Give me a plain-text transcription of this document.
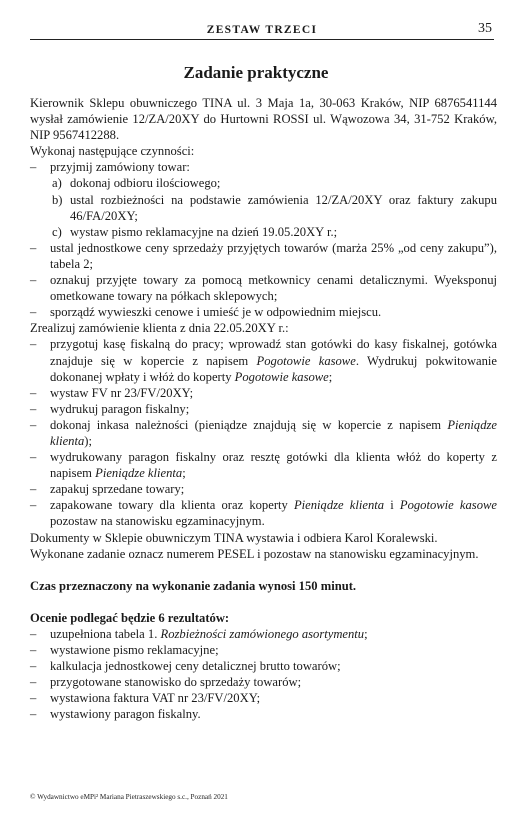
ZESTAW TRZECI	35
Zadanie praktyczne

Kierownik Sklepu obuwniczego TINA ul. 3 Maja 1a, 30-063 Kraków, NIP 6876541144 wysłał zamówienie 12/ZA/20XY do Hurtowni ROSSI ul. Wąwozowa 34, 31-752 Kraków, NIP 9567412288.

Wykonaj następujące czynności:

– przyjmij zamówiony towar:
a) dokonaj odbioru ilościowego;
b) ustal rozbieżności na podstawie zamówienia 12/ZA/20XY oraz faktury zakupu 46/FA/20XY;
c) wystaw pismo reklamacyjne na dzień 19.05.20XY r.;
– ustal jednostkowe ceny sprzedaży przyjętych towarów (marża 25% „od ceny zakupu”), tabela 2;
– oznakuj przyjęte towary za pomocą metkownicy cenami detalicznymi. Wyeksponuj ometkowane towary na półkach sklepowych;
– sporządź wywieszki cenowe i umieść je w odpowiednim miejscu.

Zrealizuj zamówienie klienta z dnia 22.05.20XY r.:

– przygotuj kasę fiskalną do pracy; wprowadź stan gotówki do kasy fiskalnej, gotówka znajduje się w kopercie z napisem Pogotowie kasowe. Wydrukuj pokwitowanie dokonanej wpłaty i włóż do koperty Pogotowie kasowe;
– wystaw FV nr 23/FV/20XY;
– wydrukuj paragon fiskalny;
– dokonaj inkasa należności (pieniądze znajdują się w kopercie z napisem Pieniądze klienta);
– wydrukowany paragon fiskalny oraz resztę gotówki dla klienta włóż do koperty z napisem Pieniądze klienta;
– zapakuj sprzedane towary;
– zapakowane towary dla klienta oraz koperty Pieniądze klienta i Pogotowie kasowe pozostaw na stanowisku egzaminacyjnym.

Dokumenty w Sklepie obuwniczym TINA wystawia i odbiera Karol Koralewski.

Wykonane zadanie oznacz numerem PESEL i pozostaw na stanowisku egzaminacyjnym.

Czas przeznaczony na wykonanie zadania wynosi 150 minut.

Ocenie podlegać będzie 6 rezultatów:

– uzupełniona tabela 1. Rozbieżności zamówionego asortymentu;
– wystawione pismo reklamacyjne;
– kalkulacja jednostkowej ceny detalicznej brutto towarów;
– przygotowane stanowisko do sprzedaży towarów;
– wystawiona faktura VAT nr 23/FV/20XY;
– wystawiony paragon fiskalny.
© Wydawnictwo eMPi² Mariana Pietraszewskiego s.c., Poznań 2021
